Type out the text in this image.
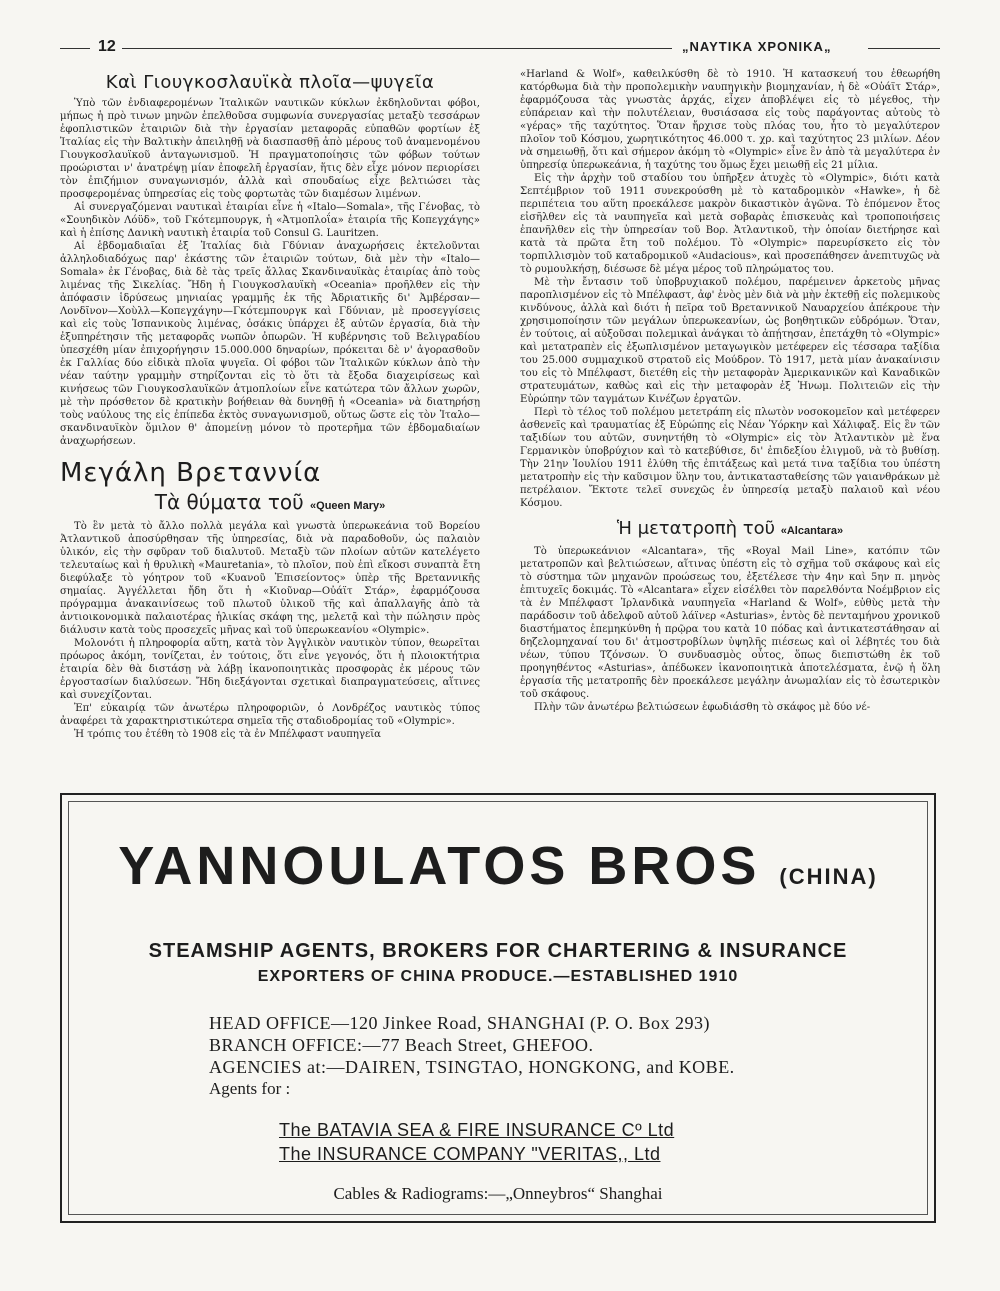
12	„ΝΑΥΤΙΚΑ ΧΡΟΝΙΚΑ„
Καὶ Γιουγκοσλαυϊκὰ πλοῖα—ψυγεῖα

Ὑπὸ τῶν ἐνδιαφερομένων Ἰταλικῶν ναυτικῶν κύκλων ἐκδηλοῦνται φόβοι, μήπως ἡ πρὸ τινων μηνῶν ἐπελθοῦσα συμφωνία συνεργασίας μεταξὺ τεσσάρων ἐφοπλιστικῶν ἑταιριῶν διὰ τὴν ἐργασίαν μεταφορᾶς εὐπαθῶν φορτίων ἐξ Ἰταλίας εἰς τὴν Βαλτικὴν ἀπειληθῇ νὰ διασπασθῇ ἀπὸ μέρους τοῦ ἀναμενομένου Γιουγκοσλαυϊκοῦ ἀνταγωνισμοῦ. Ἡ πραγματοποίησις τῶν φόβων τούτων προώρισται ν' ἀνατρέψῃ μίαν ἐποφελῆ ἐργασίαν, ἥτις δὲν εἶχε μόνον περιορίσει τὸν ἐπιζήμιον συναγωνισμόν, ἀλλὰ καὶ σπουδαίως εἶχε βελτιώσει τὰς προσφερομένας ὑπηρεσίας εἰς τοὺς φορτωτὰς τῶν διαμέσων λιμένων.

Αἱ συνεργαζόμεναι ναυτικαὶ ἑταιρίαι εἶνε ἡ «Italo—Somala», τῆς Γένοβας, τὸ «Σουηδικὸν Λόϋδ», τοῦ Γκότεμπουργκ, ἡ «Ἀτμοπλοΐα» ἑταιρία τῆς Κοπεγχάγης» καὶ ἡ ἐπίσης Δανικὴ ναυτικὴ ἑταιρία τοῦ Consul G. Lauritzen.

Αἱ ἑβδομαδιαῖαι ἐξ Ἰταλίας διὰ Γδύνιαν ἀναχωρήσεις ἐκτελοῦνται ἀλληλοδιαδόχως παρ' ἑκάστης τῶν ἑταιριῶν τούτων, διὰ μὲν τὴν «Italo—Somala» ἐκ Γένοβας, διὰ δὲ τὰς τρεῖς ἄλλας Σκανδιναυϊκὰς ἑταιρίας ἀπὸ τοὺς λιμένας τῆς Σικελίας. Ἤδη ἡ Γιουγκοσλαυϊκὴ «Oceania» προῆλθεν εἰς τὴν ἀπόφασιν ἱδρύσεως μηνιαίας γραμμῆς ἐκ τῆς Ἀδριατικῆς δι' Ἀμβέρσαν—Λονδῖνον—Χοὺλλ—Κοπεγχάγην—Γκότεμπουργκ καὶ Γδύνιαν, μὲ προσεγγίσεις καὶ εἰς τοὺς Ἱσπανικοὺς λιμένας, ὁσάκις ὑπάρχει ἐξ αὐτῶν ἐργασία, διὰ τὴν ἐξυπηρέτησιν τῆς μεταφορᾶς νωπῶν ὀπωρῶν. Ἡ κυβέρνησις τοῦ Βελιγραδίου ὑπεσχέθη μίαν ἐπιχορήγησιν 15.000.000 δηναρίων, πρόκειται δὲ ν' ἀγορασθοῦν ἐκ Γαλλίας δύο εἰδικὰ πλοῖα ψυγεῖα. Οἱ φόβοι τῶν Ἰταλικῶν κύκλων ἀπὸ τὴν νέαν ταύτην γραμμὴν στηρίζονται εἰς τὸ ὅτι τὰ ἔξοδα διαχειρίσεως καὶ κινήσεως τῶν Γιουγκοσλαυϊκῶν ἀτμοπλοίων εἶνε κατώτερα τῶν ἄλλων χωρῶν, μὲ τὴν πρόσθετον δὲ κρατικὴν βοήθειαν θὰ δυνηθῇ ἡ «Oceania» νὰ διατηρήσῃ τοὺς ναύλους της εἰς ἐπίπεδα ἐκτὸς συναγωνισμοῦ, οὕτως ὥστε εἰς τὸν Ἰταλο—σκανδιναυϊκὸν ὅμιλον θ' ἀπομείνῃ μόνον τὸ προτερῆμα τῶν ἑβδομαδιαίων ἀναχωρήσεων.

Μεγάλη Βρεταννία
Τὰ θύματα τοῦ «Queen Mary»

Τὸ ἓν μετὰ τὸ ἄλλο πολλὰ μεγάλα καὶ γνωστὰ ὑπερωκεάνια τοῦ Βορείου Ἀτλαντικοῦ ἀποσύρθησαν τῆς ὑπηρεσίας, διὰ νὰ παραδοθοῦν, ὡς παλαιὸν ὑλικόν, εἰς τὴν σφῦραν τοῦ διαλυτοῦ. Μεταξὺ τῶν πλοίων αὐτῶν κατελέγετο τελευταίως καὶ ἡ θρυλικὴ «Mauretania», τὸ πλοῖον, ποὺ ἐπὶ εἴκοσι συναπτὰ ἔτη διεφύλαξε τὸ γόητρον τοῦ «Κυανοῦ Ἐπισείοντος» ὑπὲρ τῆς Βρεταννικῆς σημαίας. Ἀγγέλλεται ἤδη ὅτι ἡ «Κιοῦναρ—Οὐάϊτ Στάρ», ἐφαρμόζουσα πρόγραμμα ἀνακαινίσεως τοῦ πλωτοῦ ὑλικοῦ τῆς καὶ ἀπαλλαγῆς ἀπὸ τὰ ἀντιοικονομικὰ παλαιοτέρας ἡλικίας σκάφη της, μελετᾷ καὶ τὴν πώλησιν πρὸς διάλυσιν κατὰ τοὺς προσεχεῖς μῆνας καὶ τοῦ ὑπερωκεανίου «Olympic».

Μολονότι ἡ πληροφορία αὕτη, κατὰ τὸν Ἀγγλικὸν ναυτικὸν τύπον, θεωρεῖται πρόωρος ἀκόμη, τονίζεται, ἐν τούτοις, ὅτι εἶνε γεγονός, ὅτι ἡ πλοιοκτήτρια ἑταιρία δὲν θὰ διστάσῃ νὰ λάβῃ ἱκανοποιητικὰς προσφορὰς ἐκ μέρους τῶν ἐργοστασίων διαλύσεων. Ἤδη διεξάγονται σχετικαὶ διαπραγματεύσεις, αἵτινες καὶ συνεχίζονται.

Ἐπ' εὐκαιρίᾳ τῶν ἀνωτέρω πληροφοριῶν, ὁ Λονδρέζος ναυτικὸς τύπος ἀναφέρει τὰ χαρακτηριστικώτερα σημεῖα τῆς σταδιοδρομίας τοῦ «Olympic».

Ἡ τρόπις του ἐτέθη τὸ 1908 εἰς τὰ ἐν Μπέλφαστ ναυπηγεῖα

«Harland & Wolf», καθειλκύσθη δὲ τὸ 1910. Ἡ κατασκευή του ἐθεωρήθη κατόρθωμα διὰ τὴν προπολεμικὴν ναυπηγικὴν βιομηχανίαν, ἡ δὲ «Οὐάϊτ Στάρ», ἐφαρμόζουσα τὰς γνωστὰς ἀρχάς, εἶχεν ἀποβλέψει εἰς τὸ μέγεθος, τὴν εὐπάρειαν καὶ τὴν πολυτέλειαν, θυσιάσασα εἰς τοὺς παράγοντας αὐτοὺς τὸ «γέρας» τῆς ταχύτητος. Ὅταν ἤρχισε τοὺς πλόας του, ἦτο τὸ μεγαλύτερον πλοῖον τοῦ Κόσμου, χωρητικότητος 46.000 τ. χρ. καὶ ταχύτητος 23 μιλίων. Δέον νὰ σημειωθῇ, ὅτι καὶ σήμερον ἀκόμη τὸ «Olympic» εἶνε ἓν ἀπὸ τὰ μεγαλύτερα ἐν ὑπηρεσίᾳ ὑπερωκεάνια, ἡ ταχύτης του ὅμως ἔχει μειωθῇ εἰς 21 μίλια.

Εἰς τὴν ἀρχὴν τοῦ σταδίου του ὑπῆρξεν ἀτυχὲς τὸ «Olympic», διότι κατὰ Σεπτέμβριον τοῦ 1911 συνεκρούσθη μὲ τὸ καταδρομικὸν «Hawke», ἡ δὲ περιπέτεια του αὕτη προεκάλεσε μακρὸν δικαστικὸν ἀγῶνα. Τὸ ἑπόμενον ἔτος εἰσῆλθεν εἰς τὰ ναυπηγεῖα καὶ μετὰ σοβαρὰς ἐπισκευὰς καὶ τροποποιήσεις ἐπανῆλθεν εἰς τὴν ὑπηρεσίαν τοῦ Βορ. Ἀτλαντικοῦ, τὴν ὁποίαν διετήρησε καὶ κατὰ τὰ πρῶτα ἔτη τοῦ πολέμου. Τὸ «Olympic» παρευρίσκετο εἰς τὸν τορπιλλισμὸν τοῦ καταδρομικοῦ «Audacious», καὶ προσεπάθησεν ἀνεπιτυχῶς νὰ τὸ ρυμουλκήσῃ, διέσωσε δὲ μέγα μέρος τοῦ πληρώματος του.

Μὲ τὴν ἔντασιν τοῦ ὑποβρυχιακοῦ πολέμου, παρέμεινεν ἀρκετοὺς μῆνας παροπλισμένον εἰς τὸ Μπέλφαστ, ἀφ' ἑνὸς μὲν διὰ νὰ μὴν ἐκτεθῇ εἰς πολεμικοὺς κινδύνους, ἀλλὰ καὶ διότι ἡ πεῖρα τοῦ Βρεταννικοῦ Ναυαρχείου ἀπέκρουε τὴν χρησιμοποίησιν τῶν μεγάλων ὑπερωκεανίων, ὡς βοηθητικῶν εὐδρόμων. Ὅταν, ἐν τούτοις, αἱ αὐξοῦσαι πολεμικαὶ ἀνάγκαι τὸ ἀπῄτησαν, ἐπετάχθη τὸ «Olympic» καὶ μετατραπὲν εἰς ἐξωπλισμένον μεταγωγικὸν μετέφερεν εἰς τέσσαρα ταξίδια του 25.000 συμμαχικοῦ στρατοῦ εἰς Μούδρον. Τὸ 1917, μετὰ μίαν ἀνακαίνισιν του εἰς τὸ Μπέλφαστ, διετέθη εἰς τὴν μεταφορὰν Ἀμερικανικῶν καὶ Καναδικῶν στρατευμάτων, καθὼς καὶ εἰς τὴν μεταφορὰν ἐξ Ἠνωμ. Πολιτειῶν εἰς τὴν Εὐρώπην τῶν ταγμάτων Κινέζων ἐργατῶν.

Περὶ τὸ τέλος τοῦ πολέμου μετετράπη εἰς πλωτὸν νοσοκομεῖον καὶ μετέφερεν ἀσθενεῖς καὶ τραυματίας ἐξ Εὐρώπης εἰς Νέαν Ὑόρκην καὶ Χάλιφαξ. Εἰς ἓν τῶν ταξιδίων του αὐτῶν, συνηντήθη τὸ «Olympic» εἰς τὸν Ἀτλαντικὸν μὲ ἕνα Γερμανικὸν ὑποβρύχιον καὶ τὸ κατεβύθισε, δι' ἐπιδεξίου ἑλιγμοῦ, νὰ τὸ βυθίσῃ. Τὴν 21ην Ἰουλίου 1911 ἐλύθη τῆς ἐπιτάξεως καὶ μετά τινα ταξίδια του ὑπέστη μετατροπὴν εἰς τὴν καῦσιμον ὕλην του, ἀντικατασταθείσης τῶν γαιανθράκων μὲ πετρέλαιον. Ἔκτοτε τελεῖ συνεχῶς ἐν ὑπηρεσίᾳ μεταξὺ παλαιοῦ καὶ νέου Κόσμου.

Ἡ μετατροπὴ τοῦ «Alcantara»

Τὸ ὑπερωκεάνιον «Alcantara», τῆς «Royal Mail Line», κατόπιν τῶν μετατροπῶν καὶ βελτιώσεων, αἵτινας ὑπέστη εἰς τὸ σχῆμα τοῦ σκάφους καὶ εἰς τὸ σύστημα τῶν μηχανῶν προώσεως του, ἐξετέλεσε τὴν 4ην καὶ 5ην π. μηνὸς ἐπιτυχεῖς δοκιμάς. Τὸ «Alcantara» εἶχεν εἰσέλθει τὸν παρελθόντα Νοέμβριον εἰς τὰ ἐν Μπέλφαστ Ἰρλανδικὰ ναυπηγεῖα «Harland & Wolf», εὐθὺς μετὰ τὴν παράδοσιν τοῦ ἀδελφοῦ αὐτοῦ λάϊνερ «Asturias», ἐντὸς δὲ πενταμήνου χρονικοῦ διαστήματος ἐπεμηκύνθη ἡ πρῷρα του κατὰ 10 πόδας καὶ ἀντικατεστάθησαν αἱ δηζελομηχαναί του δι' ἀτμοστροβίλων ὑψηλῆς πιέσεως καὶ οἱ λέβητές του διὰ νέων, τύπου Τζόνσων. Ὁ συνδυασμὸς οὗτος, ὅπως διεπιστώθη ἐκ τοῦ προηγηθέντος «Asturias», ἀπέδωκεν ἱκανοποιητικὰ ἀποτελέσματα, ἐνῷ ἡ ὅλη ἐργασία τῆς μετατροπῆς δὲν προεκάλεσε μεγάλην ἀνωμαλίαν εἰς τὸ ἐσωτερικὸν τοῦ σκάφους.

Πλὴν τῶν ἀνωτέρω βελτιώσεων ἐφωδιάσθη τὸ σκάφος μὲ δύο νέ-

YANNOULATOS BROS (CHINA)
STEAMSHIP AGENTS, BROKERS FOR CHARTERING & INSURANCE
EXPORTERS OF CHINA PRODUCE.—ESTABLISHED 1910
HEAD OFFICE—120 Jinkee Road, SHANGHAI (P. O. Box 293)
BRANCH OFFICE:—77 Beach Street, GHEFOO.
AGENCIES at:—DAIREN, TSINGTAO, HONGKONG, and KOBE.
Agents for :
The BATAVIA SEA & FIRE INSURANCE Cº Ltd
The INSURANCE COMPANY "VERITAS,, Ltd
Cables & Radiograms:—„Onneybros“ Shanghai
